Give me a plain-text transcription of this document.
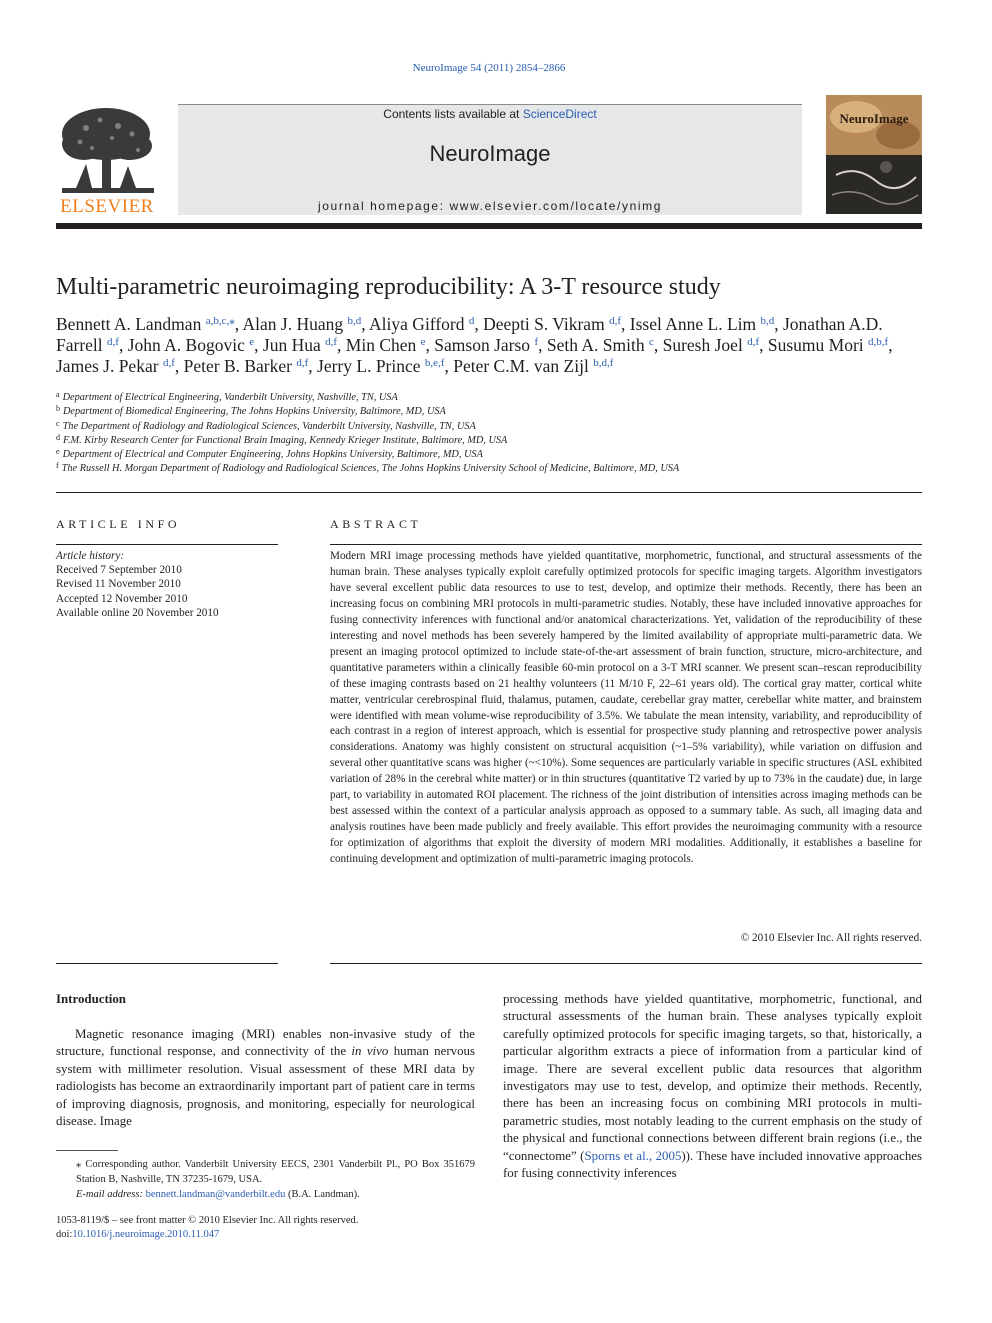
NeuroImage 54 (2011) 2854–2866
ELSEVIER
Contents lists available at ScienceDirect
NeuroImage
journal homepage: www.elsevier.com/locate/ynimg
NeuroImage
Multi-parametric neuroimaging reproducibility: A 3-T resource study
Bennett A. Landman $^{a,b,c,⁎}$, Alan J. Huang $^{b,d}$, Aliya Gifford $^d$, Deepti S. Vikram $^{d,f}$, Issel Anne L. Lim $^{b,d}$, Jonathan A.D. Farrell $^{d,f}$, John A. Bogovic $^e$, Jun Hua $^{d,f}$, Min Chen $^e$, Samson Jarso $^f$, Seth A. Smith $^c$, Suresh Joel $^{d,f}$, Susumu Mori $^{d,b,f}$, James J. Pekar $^{d,f}$, Peter B. Barker $^{d,f}$, Jerry L. Prince $^{b,e,f}$, Peter C.M. van Zijl $^{b,d,f}$
$^a$ Department of Electrical Engineering, Vanderbilt University, Nashville, TN, USA
$^b$ Department of Biomedical Engineering, The Johns Hopkins University, Baltimore, MD, USA
$^c$ The Department of Radiology and Radiological Sciences, Vanderbilt University, Nashville, TN, USA
$^d$ F.M. Kirby Research Center for Functional Brain Imaging, Kennedy Krieger Institute, Baltimore, MD, USA
$^e$ Department of Electrical and Computer Engineering, Johns Hopkins University, Baltimore, MD, USA
$^f$ The Russell H. Morgan Department of Radiology and Radiological Sciences, The Johns Hopkins University School of Medicine, Baltimore, MD, USA
ARTICLE INFO
Article history:
Received 7 September 2010
Revised 11 November 2010
Accepted 12 November 2010
Available online 20 November 2010
ABSTRACT
Modern MRI image processing methods have yielded quantitative, morphometric, functional, and structural assessments of the human brain. These analyses typically exploit carefully optimized protocols for specific imaging targets. Algorithm investigators have several excellent public data resources to use to test, develop, and optimize their methods. Recently, there has been an increasing focus on combining MRI protocols in multi-parametric studies. Notably, these have included innovative approaches for fusing connectivity inferences with functional and/or anatomical characterizations. Yet, validation of the reproducibility of these interesting and novel methods has been severely hampered by the limited availability of appropriate multi-parametric data. We present an imaging protocol optimized to include state-of-the-art assessment of brain function, structure, micro-architecture, and quantitative parameters within a clinically feasible 60-min protocol on a 3-T MRI scanner. We present scan–rescan reproducibility of these imaging contrasts based on 21 healthy volunteers (11 M/10 F, 22–61 years old). The cortical gray matter, cortical white matter, ventricular cerebrospinal fluid, thalamus, putamen, caudate, cerebellar gray matter, cerebellar white matter, and brainstem were identified with mean volume-wise reproducibility of 3.5%. We tabulate the mean intensity, variability, and reproducibility of each contrast in a region of interest approach, which is essential for prospective study planning and retrospective power analysis considerations. Anatomy was highly consistent on structural acquisition (~1–5% variability), while variation on diffusion and several other quantitative scans was higher (~<10%). Some sequences are particularly variable in specific structures (ASL exhibited variation of 28% in the cerebral white matter) or in thin structures (quantitative T2 varied by up to 73% in the caudate) due, in large part, to variability in automated ROI placement. The richness of the joint distribution of intensities across imaging methods can be best assessed within the context of a particular analysis approach as opposed to a summary table. As such, all imaging data and analysis routines have been made publicly and freely available. This effort provides the neuroimaging community with a resource for optimization of algorithms that exploit the diversity of modern MRI modalities. Additionally, it establishes a baseline for continuing development and optimization of multi-parametric imaging protocols.
© 2010 Elsevier Inc. All rights reserved.
Introduction
Magnetic resonance imaging (MRI) enables non-invasive study of the structure, functional response, and connectivity of the in vivo human nervous system with millimeter resolution. Visual assessment of these MRI data by radiologists has become an extraordinarily important part of patient care in terms of improving diagnosis, prognosis, and monitoring, especially for neurological disease. Image
processing methods have yielded quantitative, morphometric, functional, and structural assessments of the human brain. These analyses typically exploit carefully optimized protocols for specific imaging targets, so that, historically, a particular algorithm extracts a piece of information from a particular kind of image. There are several excellent public data resources that algorithm investigators may use to test, develop, and optimize their methods. Recently, there has been an increasing focus on combining MRI protocols in multi-parametric studies, most notably leading to the current emphasis on the study of the physical and functional connections between different brain regions (i.e., the “connectome” (Sporns et al., 2005)). These have included innovative approaches for fusing connectivity inferences
⁎ Corresponding author. Vanderbilt University EECS, 2301 Vanderbilt Pl., PO Box 351679 Station B, Nashville, TN 37235-1679, USA.
E-mail address: bennett.landman@vanderbilt.edu (B.A. Landman).
1053-8119/$ – see front matter © 2010 Elsevier Inc. All rights reserved.
doi:10.1016/j.neuroimage.2010.11.047
